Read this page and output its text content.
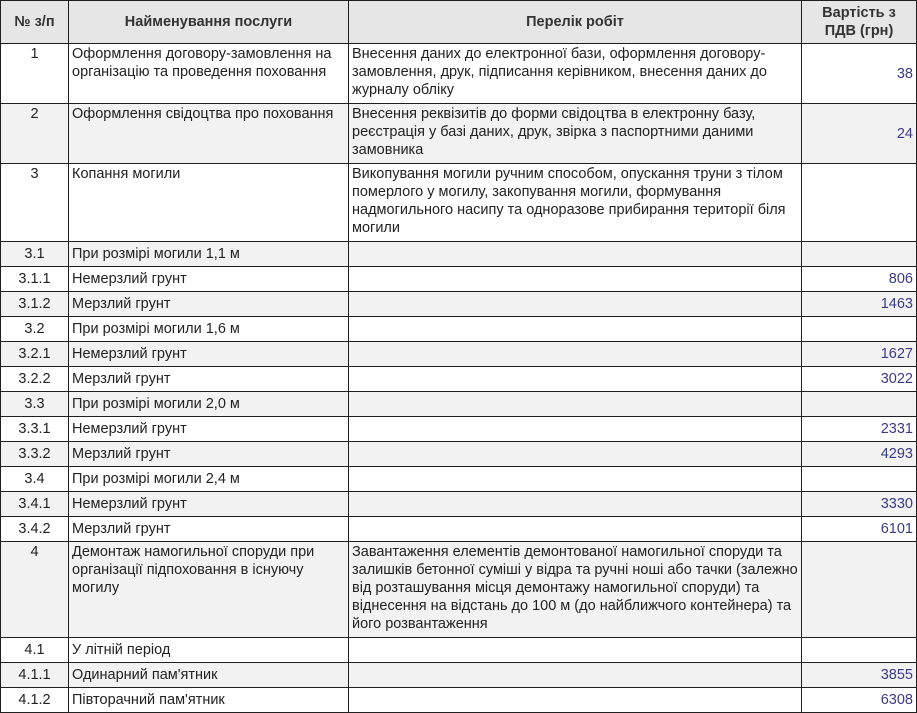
№ з/п	Найменування послуги	Перелік робіт	Вартість з ПДВ (грн)
1	Оформлення договору-замовлення на організацію та проведення поховання	Внесення даних до електронної бази, оформлення договору-замовлення, друк, підписання керівником, внесення даних до журналу обліку	38
2	Оформлення свідоцтва про поховання	Внесення реквізитів до форми свідоцтва в електронну базу, реєстрація у базі даних, друк, звірка з паспортними даними замовника	24
3	Копання могили	Викопування могили ручним способом, опускання труни з тілом померлого у могилу, закопування могили, формування надмогильного насипу та одноразове прибирання території біля могили	
3.1	При розмірі могили 1,1 м		
3.1.1	Немерзлий грунт		806
3.1.2	Мерзлий грунт		1463
3.2	При розмірі могили 1,6 м		
3.2.1	Немерзлий грунт		1627
3.2.2	Мерзлий грунт		3022
3.3	При розмірі могили 2,0 м		
3.3.1	Немерзлий грунт		2331
3.3.2	Мерзлий грунт		4293
3.4	При розмірі могили 2,4 м		
3.4.1	Немерзлий грунт		3330
3.4.2	Мерзлий грунт		6101
4	Демонтаж намогильної споруди при організації підпоховання в існуючу могилу	Завантаження елементів демонтованої намогильної споруди та залишків бетонної суміші у відра та ручні ноші або тачки (залежно від розташування місця демонтажу намогильної споруди) та віднесення на відстань до 100 м (до найближчого контейнера) та його розвантаження	
4.1	У літній період		
4.1.1	Одинарний пам'ятник		3855
4.1.2	Півторачний пам'ятник		6308
